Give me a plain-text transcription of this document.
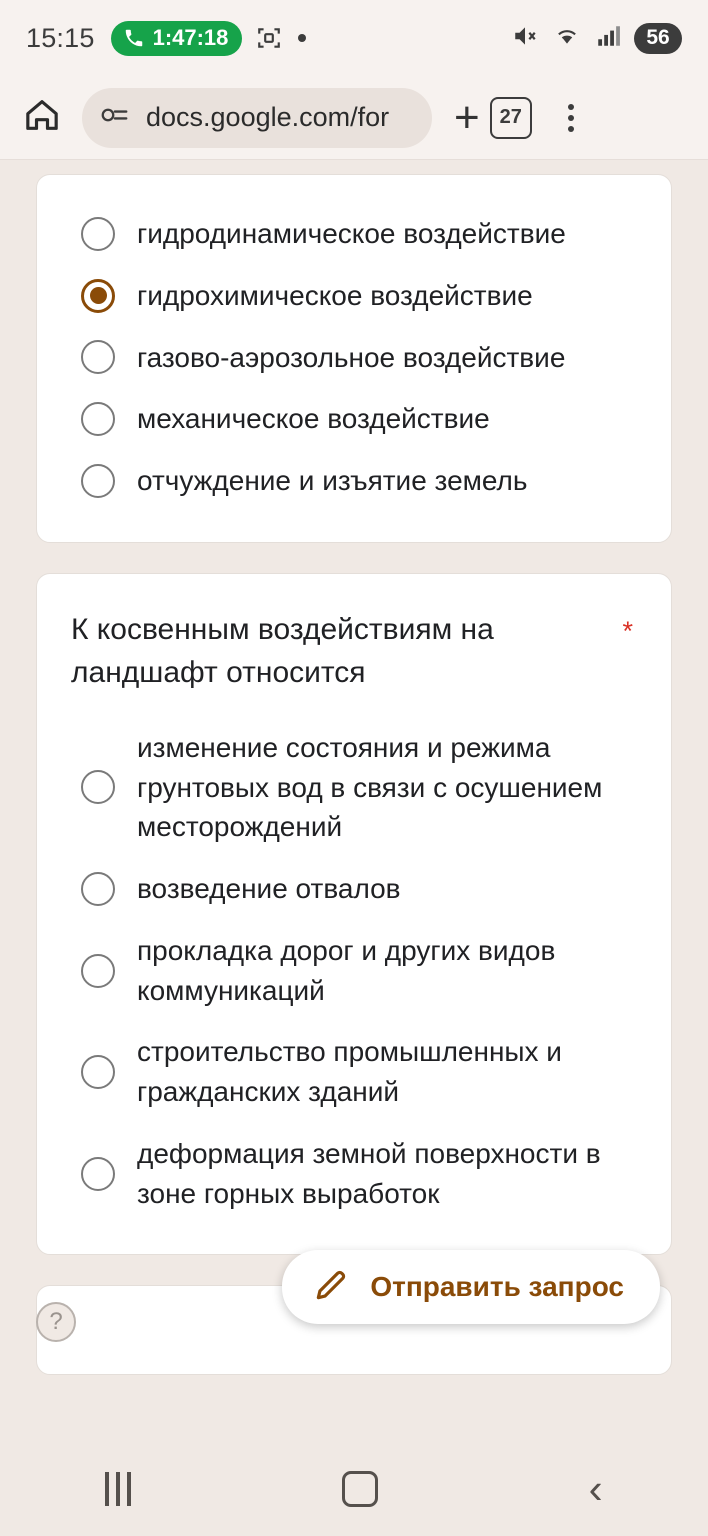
15:15	1:47:18	56
docs.google.com/for + 27
гидродинамическое воздействие
гидрохимическое воздействие
газово-аэрозольное воздействие
механическое воздействие
отчуждение и изъятие земель
К косвенным воздействиям на ландшафт относится
*
изменение состояния и режима грунтовых вод в связи с осушением месторождений
возведение отвалов
прокладка дорог и других видов коммуникаций
строительство промышленных и гражданских зданий
деформация земной поверхности в зоне горных выработок
?
Отправить запрос
‹
